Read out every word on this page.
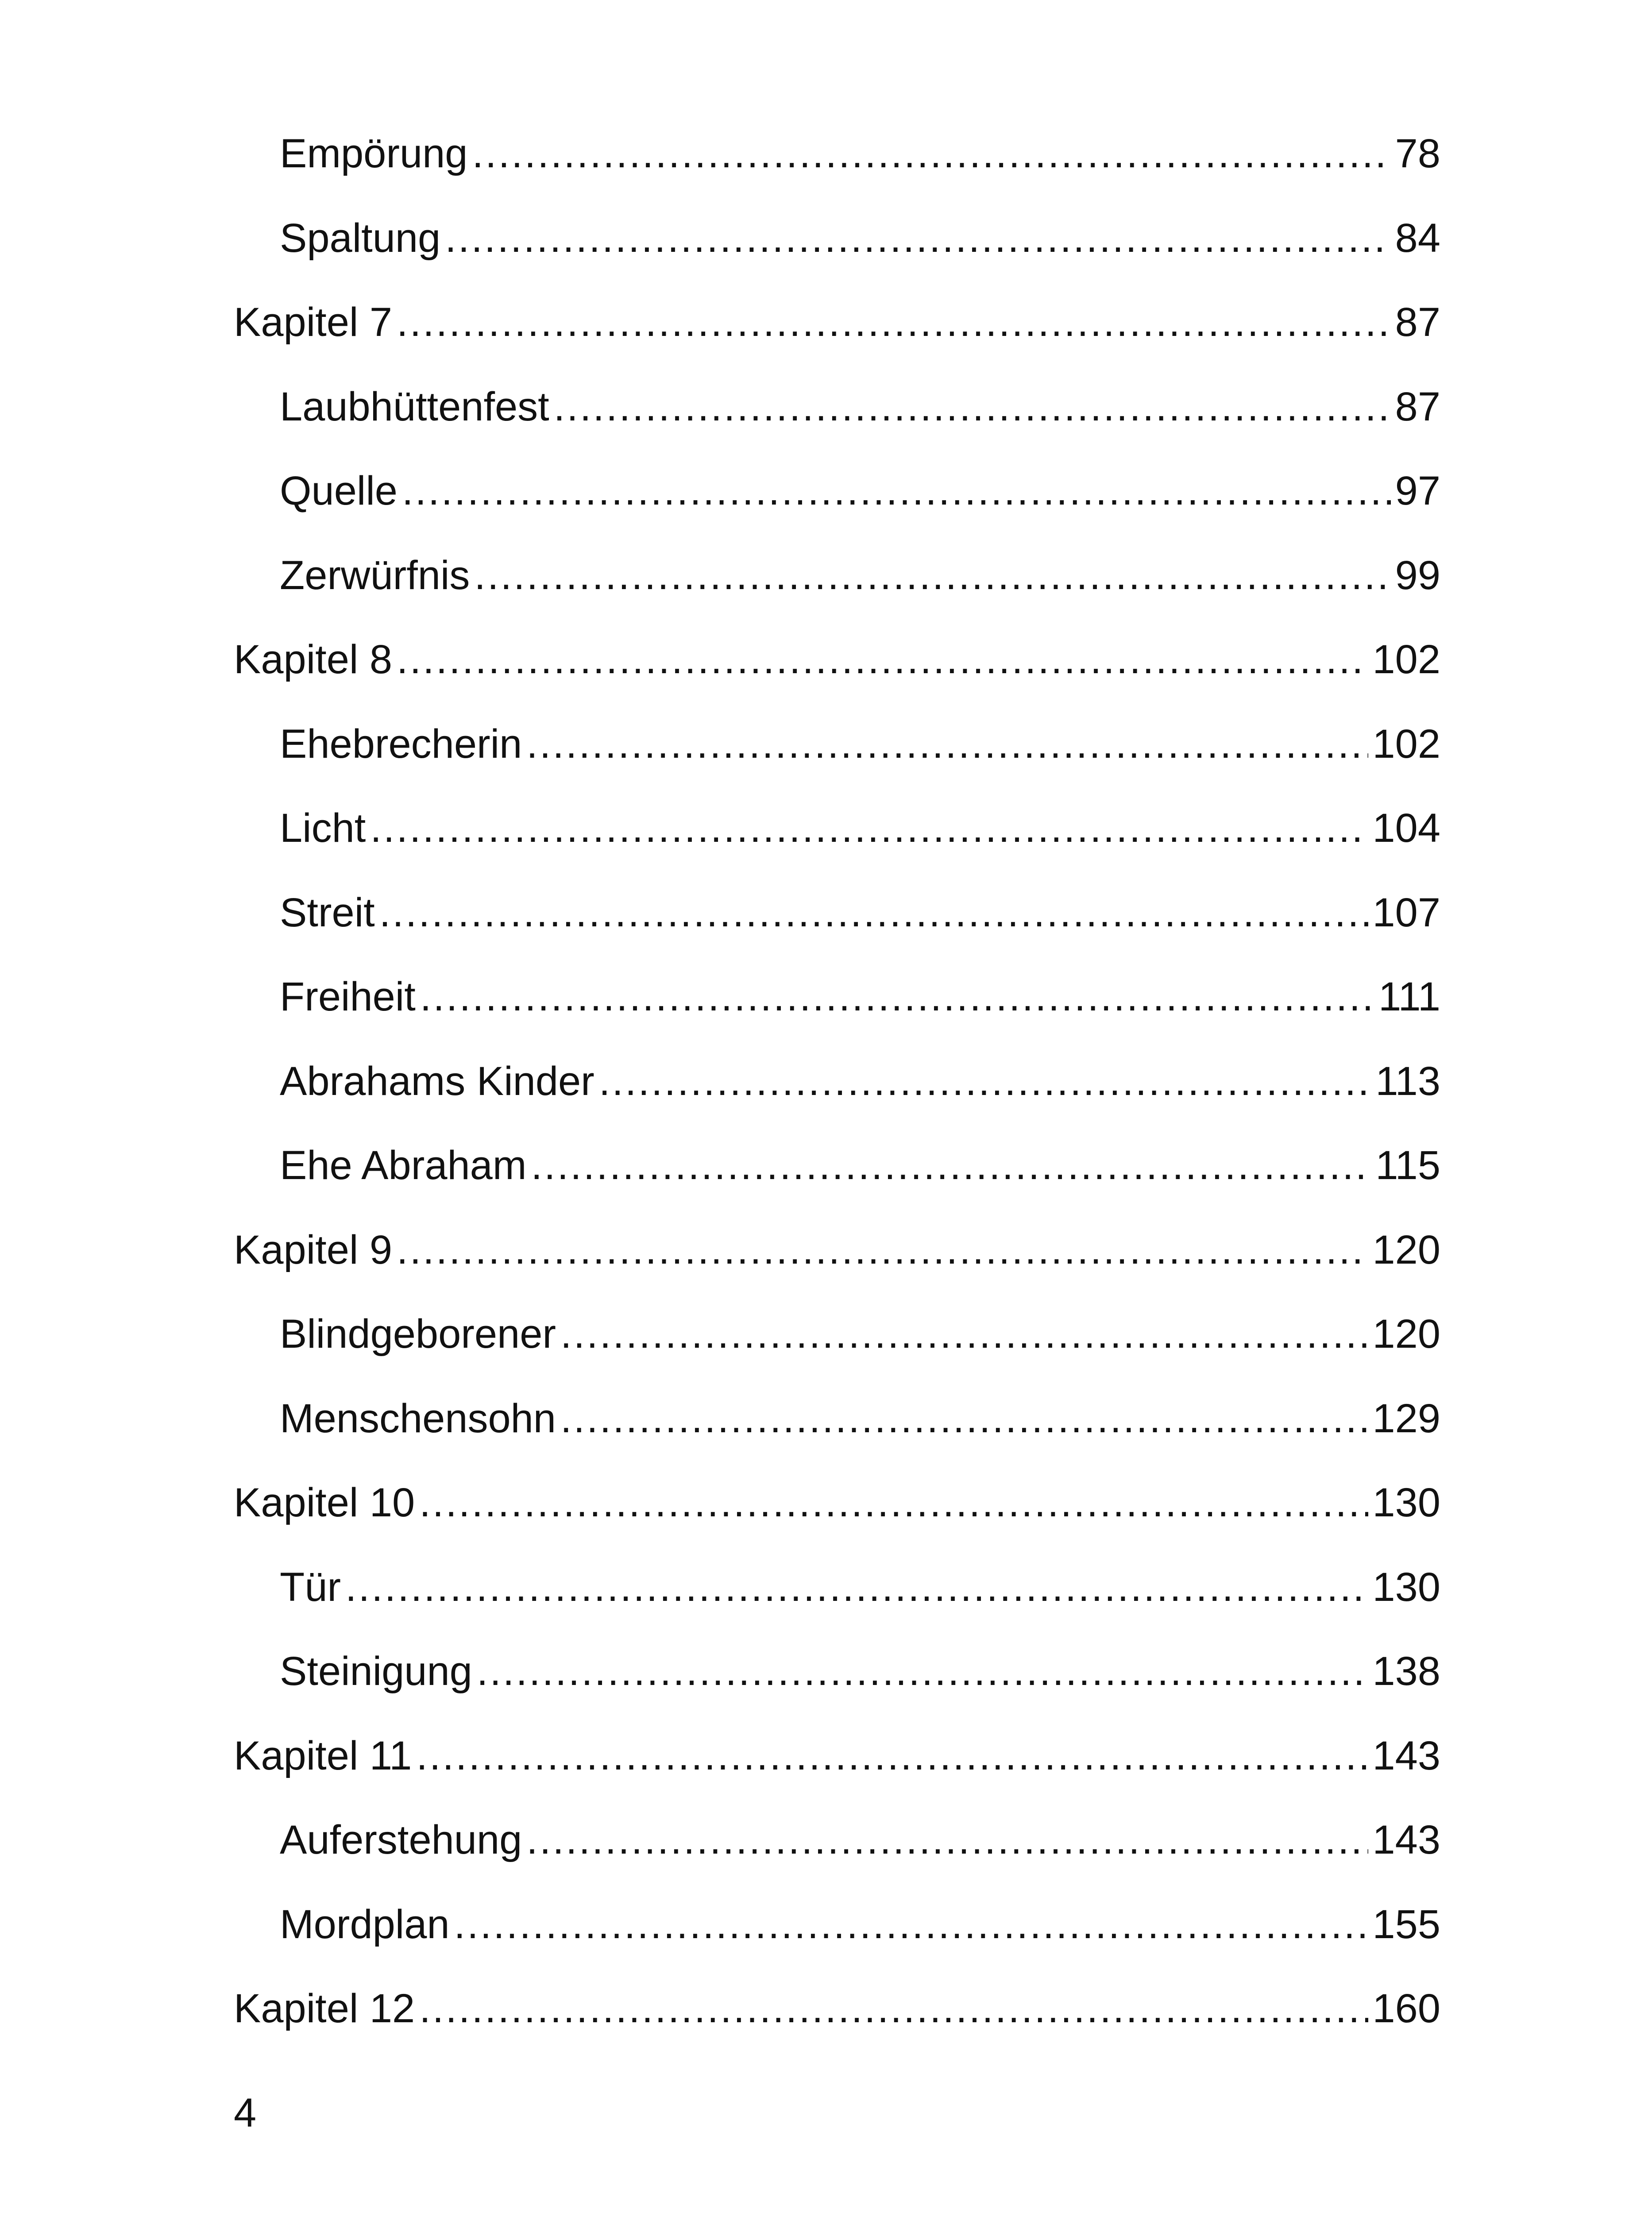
Empörung .....	78
Spaltung .....	84
Kapitel 7 .....	87
Laubhüttenfest .....	87
Quelle .....	97
Zerwürfnis .....	99
Kapitel 8 .....	102
Ehebrecherin .....	102
Licht .....	104
Streit .....	107
Freiheit .....	111
Abrahams Kinder .....	113
Ehe Abraham .....	115
Kapitel 9 .....	120
Blindgeborener .....	120
Menschensohn .....	129
Kapitel 10 .....	130
Tür .....	130
Steinigung .....	138
Kapitel 11 .....	143
Auferstehung .....	143
Mordplan .....	155
Kapitel 12 .....	160
4
